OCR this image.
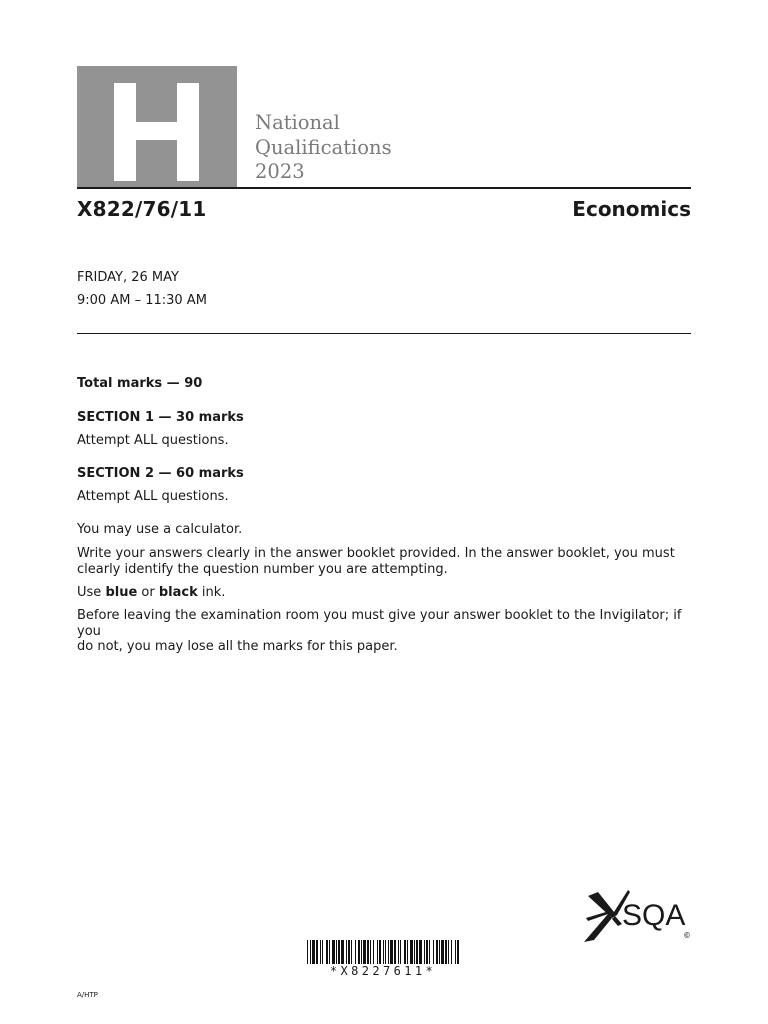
National
Qualifications
2023
X822/76/11	Economics
FRIDAY, 26 MAY
9:00 AM – 11:30 AM
Total marks — 90
SECTION 1 — 30 marks
Attempt ALL questions.
SECTION 2 — 60 marks
Attempt ALL questions.
You may use a calculator.
Write your answers clearly in the answer booklet provided. In the answer booklet, you must
clearly identify the question number you are attempting.
Use blue or black ink.
Before leaving the examination room you must give your answer booklet to the Invigilator; if you
do not, you may lose all the marks for this paper.
SQA
©
*X8227611*
A/HTP
